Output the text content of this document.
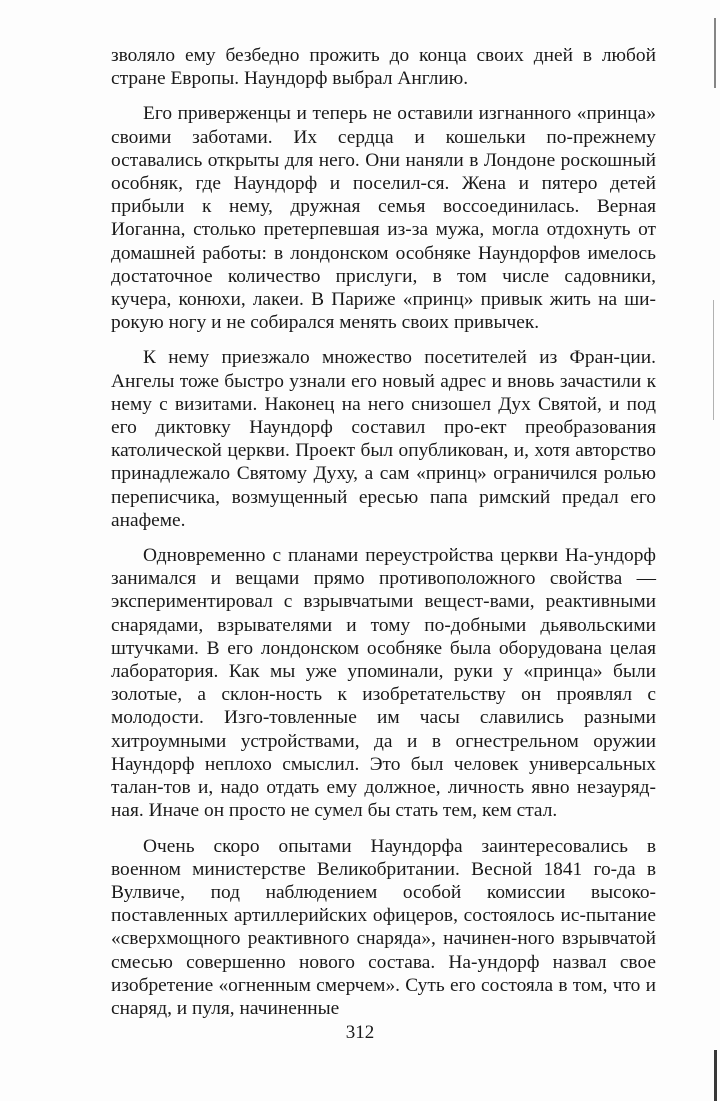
зволяло ему безбедно прожить до конца своих дней в любой стране Европы. Наундорф выбрал Англию.

Его приверженцы и теперь не оставили изгнанного «принца» своими заботами. Их сердца и кошельки по-прежнему оставались открыты для него. Они наняли в Лондоне роскошный особняк, где Наундорф и поселил-ся. Жена и пятеро детей прибыли к нему, дружная семья воссоединилась. Верная Иоганна, столько претерпевшая из-за мужа, могла отдохнуть от домашней работы: в лондонском особняке Наундорфов имелось достаточное количество прислуги, в том числе садовники, кучера, конюхи, лакеи. В Париже «принц» привык жить на ши-рокую ногу и не собирался менять своих привычек.

К нему приезжало множество посетителей из Фран-ции. Ангелы тоже быстро узнали его новый адрес и вновь зачастили к нему с визитами. Наконец на него снизошел Дух Святой, и под его диктовку Наундорф составил про-ект преобразования католической церкви. Проект был опубликован, и, хотя авторство принадлежало Святому Духу, а сам «принц» ограничился ролью переписчика, возмущенный ересью папа римский предал его анафеме.

Одновременно с планами переустройства церкви На-ундорф занимался и вещами прямо противоположного свойства — экспериментировал с взрывчатыми вещест-вами, реактивными снарядами, взрывателями и тому по-добными дьявольскими штучками. В его лондонском особняке была оборудована целая лаборатория. Как мы уже упоминали, руки у «принца» были золотые, а склон-ность к изобретательству он проявлял с молодости. Изго-товленные им часы славились разными хитроумными устройствами, да и в огнестрельном оружии Наундорф неплохо смыслил. Это был человек универсальных талан-тов и, надо отдать ему должное, личность явно незауряд-ная. Иначе он просто не сумел бы стать тем, кем стал.

Очень скоро опытами Наундорфа заинтересовались в военном министерстве Великобритании. Весной 1841 го-да в Вулвиче, под наблюдением особой комиссии высоко-поставленных артиллерийских офицеров, состоялось ис-пытание «сверхмощного реактивного снаряда», начинен-ного взрывчатой смесью совершенно нового состава. На-ундорф назвал свое изобретение «огненным смерчем». Суть его состояла в том, что и снаряд, и пуля, начиненные

312
